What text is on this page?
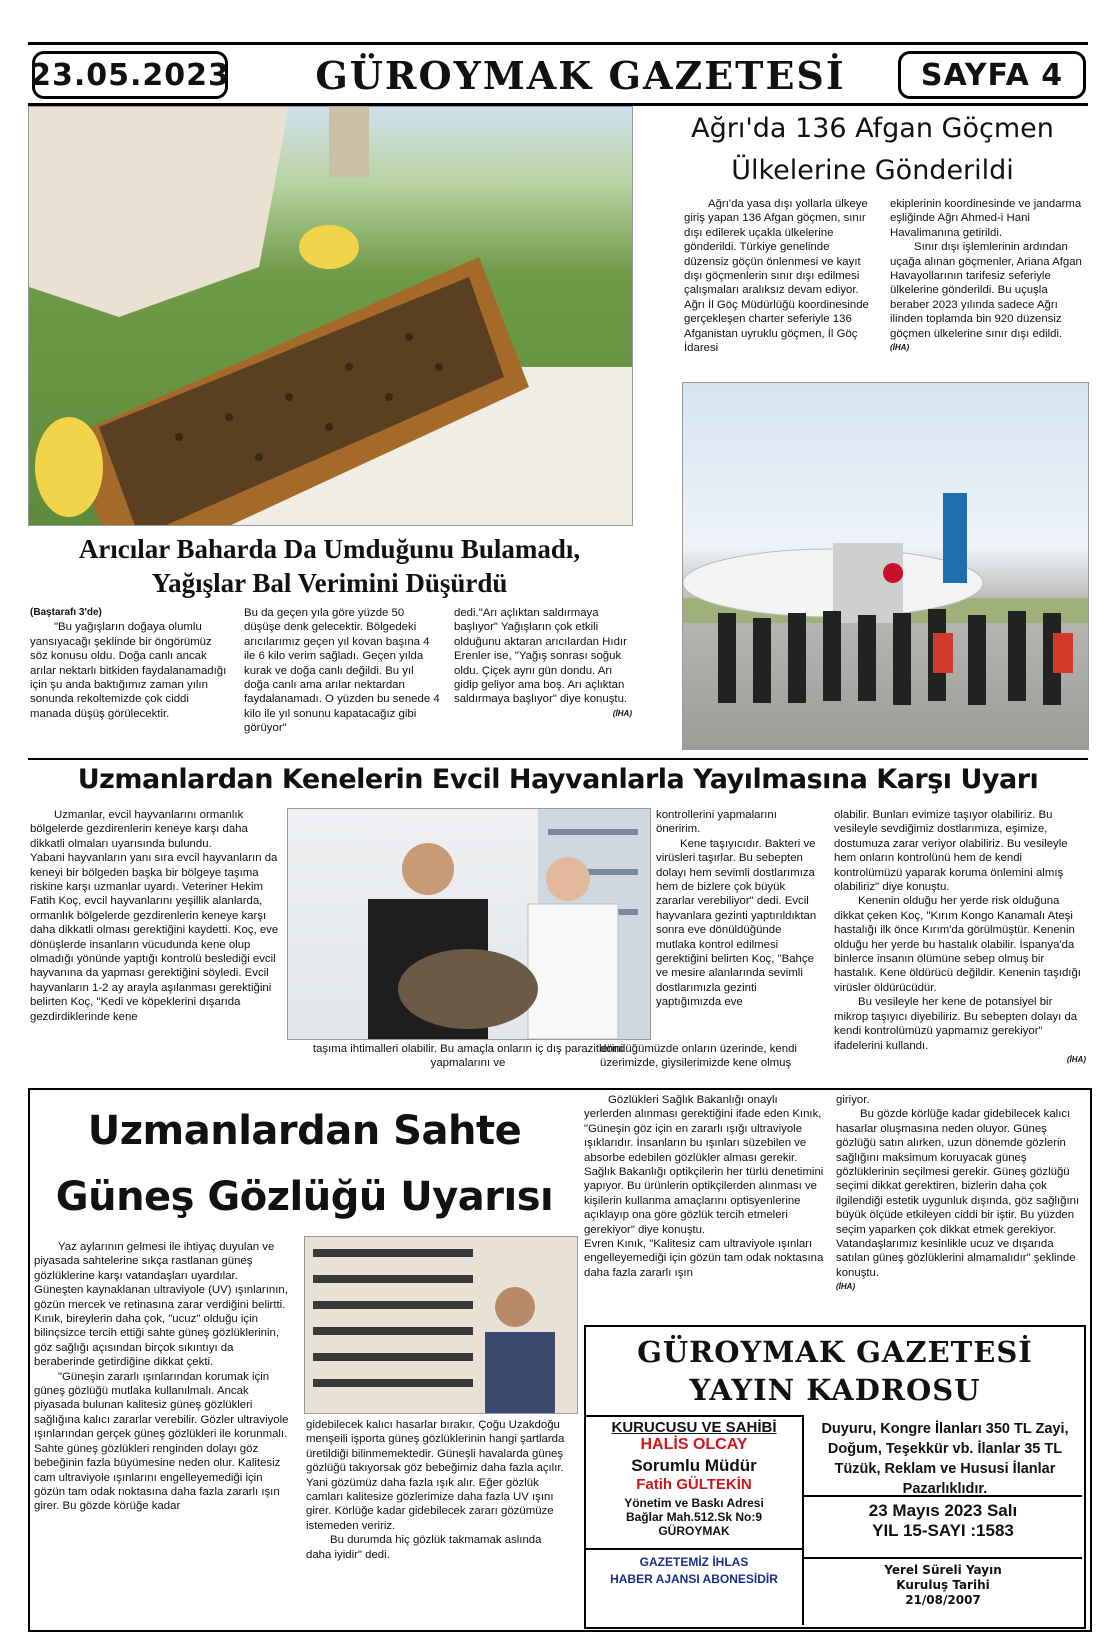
23.05.2023	GÜROYMAK GAZETESİ	SAYFA 4
Arıcılar Baharda Da Umduğunu Bulamadı,
Yağışlar Bal Verimini Düşürdü

(Baştarafı 3'de)

"Bu yağışların doğaya olumlu yansıyacağı şeklinde bir öngörümüz söz konusu oldu. Doğa canlı ancak arılar nektarlı bitkiden faydalanamadığı için şu anda baktığımız zaman yılın sonunda rekoltemizde çok ciddi manada düşüş görülecektir.

Bu da geçen yıla göre yüzde 50 düşüşe denk gelecektir. Bölgedeki arıcılarımız geçen yıl kovan başına 4 ile 6 kilo verim sağladı. Geçen yılda kurak ve doğa canlı değildi. Bu yıl doğa canlı ama arılar nektardan faydalanamadı. O yüzden bu senede 4 kilo ile yıl sonunu kapatacağız gibi görüyor"

dedi."Arı açlıktan saldırmaya başlıyor" Yağışların çok etkili olduğunu aktaran arıcılardan Hıdır Erenler ise, "Yağış sonrası soğuk oldu. Çiçek aynı gün dondu. Arı gidip geliyor ama boş. Arı açlıktan saldırmaya başlıyor" diye konuştu.

(İHA)

Ağrı'da 136 Afgan Göçmen
Ülkelerine Gönderildi

Ağrı'da yasa dışı yollarla ülkeye giriş yapan 136 Afgan göçmen, sınır dışı edilerek uçakla ülkelerine gönderildi. Türkiye genelinde düzensiz göçün önlenmesi ve kayıt dışı göçmenlerin sınır dışı edilmesi çalışmaları aralıksız devam ediyor. Ağrı İl Göç Müdürlüğü koordinesinde gerçekleşen charter seferiyle 136 Afganistan uyruklu göçmen, İl Göç İdaresi

ekiplerinin koordinesinde ve jandarma eşliğinde Ağrı Ahmed-i Hani Havalimanına getirildi.

Sınır dışı işlemlerinin ardından uçağa alınan göçmenler, Ariana Afgan Havayollarının tarifesiz seferiyle ülkelerine gönderildi. Bu uçuşla beraber 2023 yılında sadece Ağrı ilinden toplamda bin 920 düzensiz göçmen ülkelerine sınır dışı edildi.

(İHA)

Uzmanlardan Kenelerin Evcil Hayvanlarla Yayılmasına Karşı Uyarı

Uzmanlar, evcil hayvanlarını ormanlık bölgelerde gezdirenlerin keneye karşı daha dikkatli olmaları uyarısında bulundu.

Yabani hayvanların yanı sıra evcil hayvanların da keneyi bir bölgeden başka bir bölgeye taşıma riskine karşı uzmanlar uyardı. Veteriner Hekim Fatih Koç, evcil hayvanlarını yeşillik alanlarda, ormanlık bölgelerde gezdirenlerin keneye karşı daha dikkatli olması gerektiğini kaydetti. Koç, eve dönüşlerde insanların vücudunda kene olup olmadığı yönünde yaptığı kontrolü beslediği evcil hayvanına da yapması gerektiğini söyledi. Evcil hayvanların 1-2 ay arayla aşılanması gerektiğini belirten Koç, "Kedi ve köpeklerini dışarıda gezdirdiklerinde kene

taşıma ihtimalleri olabilir. Bu amaçla onların iç dış parazitlerini yapmalarını ve

kontrollerini yapmalarını öneririm.

Kene taşıyıcıdır. Bakteri ve virüsleri taşırlar. Bu sebepten dolayı hem sevimli dostlarımıza hem de bizlere çok büyük zararlar verebiliyor" dedi. Evcil hayvanlara gezinti yaptırıldıktan sonra eve dönüldüğünde mutlaka kontrol edilmesi gerektiğini belirten Koç, "Bahçe ve mesire alanlarında sevimli dostlarımızla gezinti yaptığımızda eve

döndüğümüzde onların üzerinde, kendi üzerimizde, giysilerimizde kene olmuş

olabilir. Bunları evimize taşıyor olabiliriz. Bu vesileyle sevdiğimiz dostlarımıza, eşimize, dostumuza zarar veriyor olabiliriz. Bu vesileyle hem onların kontrolünü hem de kendi kontrolümüzü yaparak koruma önlemini almış olabiliriz" diye konuştu.

Kenenin olduğu her yerde risk olduğuna dikkat çeken Koç, "Kırım Kongo Kanamalı Ateşi hastalığı ilk önce Kırım'da görülmüştür. Kenenin olduğu her yerde bu hastalık olabilir. İspanya'da binlerce insanın ölümüne sebep olmuş bir hastalık. Kene öldürücü değildir. Kenenin taşıdığı virüsler öldürücüdür.

Bu vesileyle her kene de potansiyel bir mikrop taşıyıcı diyebiliriz. Bu sebepten dolayı da kendi kontrolümüzü yapmamız gerekiyor" ifadelerini kullandı.

(İHA)

Uzmanlardan Sahte
Güneş Gözlüğü Uyarısı

Yaz aylarının gelmesi ile ihtiyaç duyulan ve piyasada sahtelerine sıkça rastlanan güneş gözlüklerine karşı vatandaşları uyardılar.

Güneşten kaynaklanan ultraviyole (UV) ışınlarının, gözün mercek ve retinasına zarar verdiğini belirtti.

Kınık, bireylerin daha çok, "ucuz" olduğu için bilinçsizce tercih ettiği sahte güneş gözlüklerinin, göz sağlığı açısından birçok sıkıntıyı da beraberinde getirdiğine dikkat çekti.

"Güneşin zararlı ışınlarından korumak için güneş gözlüğü mutlaka kullanılmalı. Ancak piyasada bulunan kalitesiz güneş gözlükleri sağlığına kalıcı zararlar verebilir. Gözler ultraviyole ışınlarından gerçek güneş gözlükleri ile korunmalı. Sahte güneş gözlükleri renginden dolayı göz bebeğinin fazla büyümesine neden olur. Kalitesiz cam ultraviyole ışınlarını engelleyemediği için gözün tam odak noktasına daha fazla zararlı ışın girer. Bu gözde körüğe kadar

gidebilecek kalıcı hasarlar bırakır. Çoğu Uzakdoğu menşeili işporta güneş gözlüklerinin hangi şartlarda üretildiği bilinmemektedir. Güneşli havalarda güneş gözlüğü takıyorsak göz bebeğimiz daha fazla açılır. Yani gözümüz daha fazla ışık alır. Eğer gözlük camları kalitesize gözlerimize daha fazla UV ışını girer. Körlüğe kadar gidebilecek zararı gözümüze istemeden veririz.

Bu durumda hiç gözlük takmamak aslında daha iyidir" dedi.

Gözlükleri Sağlık Bakanlığı onaylı yerlerden alınması gerektiğini ifade eden Kınık, "Güneşin göz için en zararlı ışığı ultraviyole ışıklarıdır. İnsanların bu ışınları süzebilen ve absorbe edebilen gözlükler alması gerekir. Sağlık Bakanlığı optikçilerin her türlü denetimini yapıyor. Bu ürünlerin optikçilerden alınması ve kişilerin kullanma amaçlarını optisyenlerine açıklayıp ona göre gözlük tercih etmeleri gerekiyor" diye konuştu.

Evren Kınık, "Kalitesiz cam ultraviyole ışınları engelleyemediği için gözün tam odak noktasına daha fazla zararlı ışın

giriyor.

Bu gözde körlüğe kadar gidebilecek kalıcı hasarlar oluşmasına neden oluyor. Güneş gözlüğü satın alırken, uzun dönemde gözlerin sağlığını maksimum koruyacak güneş gözlüklerinin seçilmesi gerekir. Güneş gözlüğü seçimi dikkat gerektiren, bizlerin daha çok ilgilendiği estetik uygunluk dışında, göz sağlığını büyük ölçüde etkileyen ciddi bir iştir. Bu yüzden seçim yaparken çok dikkat etmek gerekiyor. Vatandaşlarımız kesinlikle ucuz ve dışarıda satılan güneş gözlüklerini almamalıdır" şeklinde konuştu.

(İHA)

GÜROYMAK GAZETESİ
YAYIN KADROSU
KURUCUSU VE SAHİBİ
HALİS OLCAY
Sorumlu Müdür
Fatih GÜLTEKİN
Yönetim ve Baskı Adresi
Bağlar Mah.512.Sk No:9
GÜROYMAK
GAZETEMİZ İHLAS
HABER AJANSI ABONESİDİR
Duyuru, Kongre İlanları 350 TL Zayi, Doğum, Teşekkür vb. İlanlar 35 TL Tüzük, Reklam ve Hususi İlanlar Pazarlıklıdır.
23 Mayıs 2023 Salı
YIL 15-SAYI :1583
Yerel Süreli Yayın
Kuruluş Tarihi
21/08/2007
